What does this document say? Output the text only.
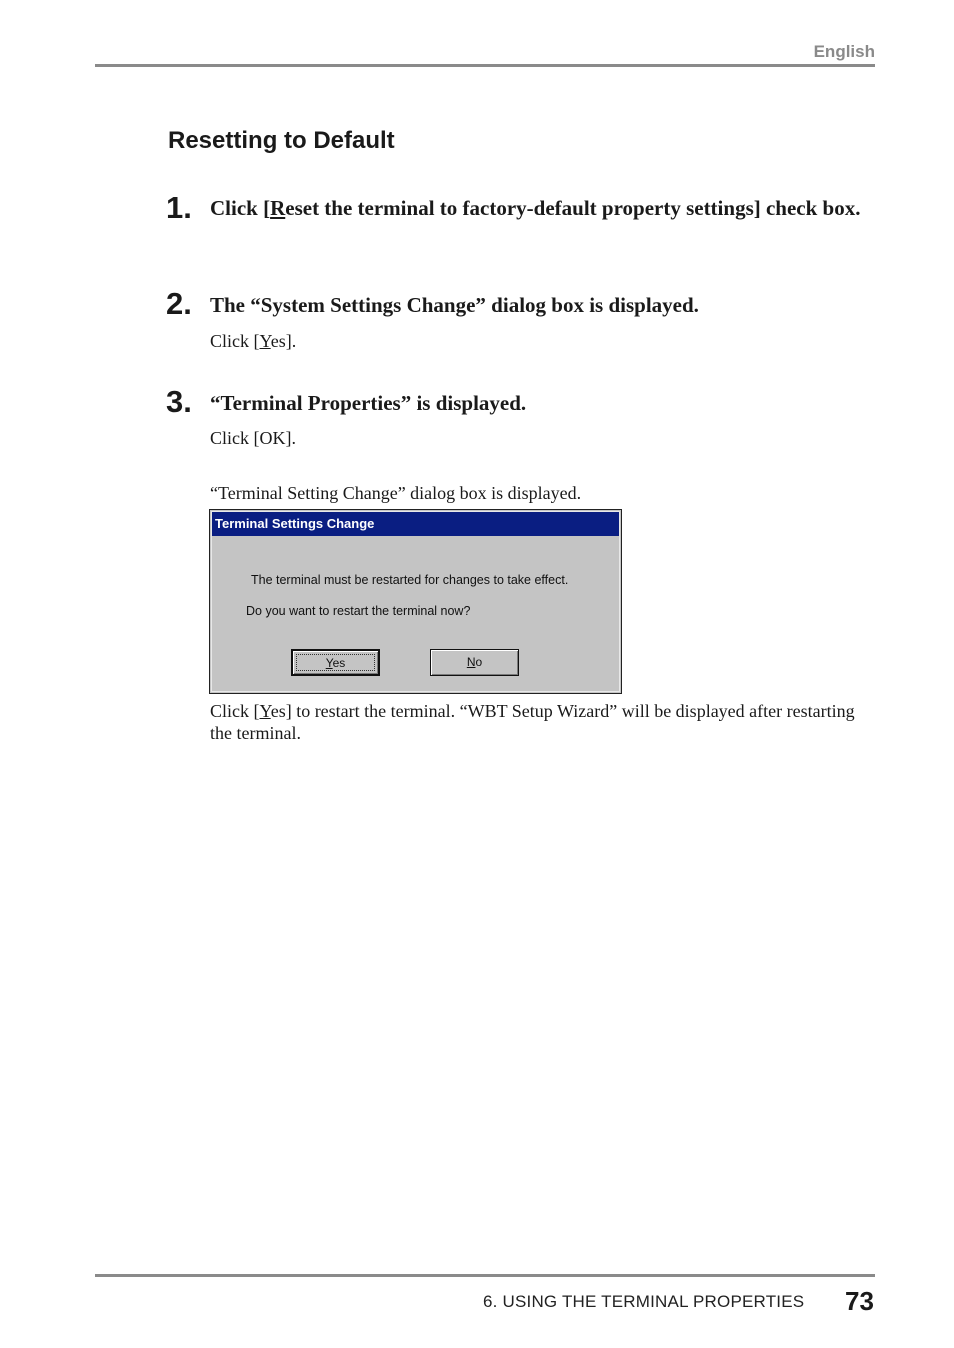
English
Resetting to Default
1. Click [Reset the terminal to factory-default property settings] check box.
2. The “System Settings Change” dialog box is displayed.
Click [Yes].
3. “Terminal Properties” is displayed.
Click [OK].
“Terminal Setting Change” dialog box is displayed.
Terminal Settings Change
The terminal must be restarted for changes to take effect.
Do you want to restart the terminal now?
Yes	No
Click [Yes] to restart the terminal. “WBT Setup Wizard” will be displayed after restarting the terminal.
6. USING THE TERMINAL PROPERTIES 73
